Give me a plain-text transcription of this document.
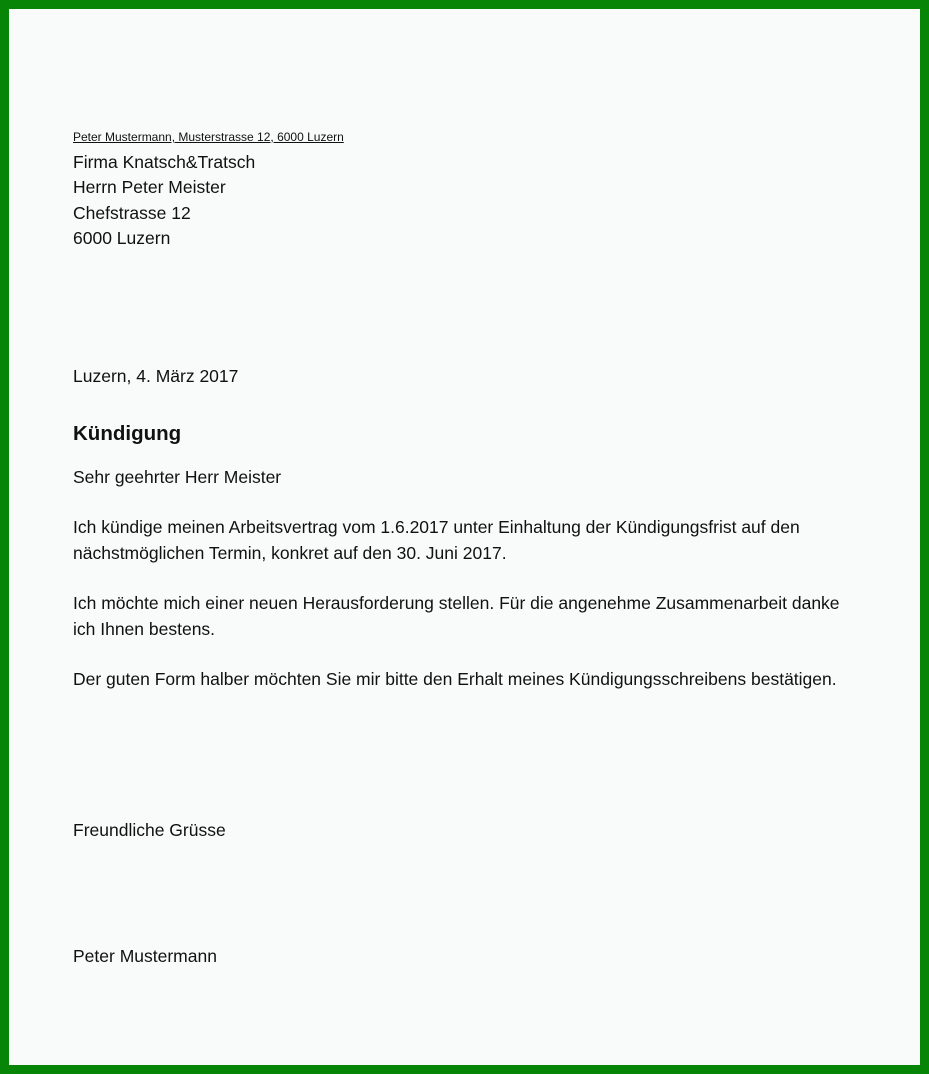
Peter Mustermann, Musterstrasse 12, 6000 Luzern
Firma Knatsch&Tratsch
Herrn Peter Meister
Chefstrasse 12
6000 Luzern
Luzern, 4. März 2017
Kündigung
Sehr geehrter Herr Meister
Ich kündige meinen Arbeitsvertrag vom 1.6.2017 unter Einhaltung der Kündigungsfrist auf den nächstmöglichen Termin, konkret auf den 30. Juni 2017.
Ich möchte mich einer neuen Herausforderung stellen. Für die angenehme Zusammenarbeit danke ich Ihnen bestens.
Der guten Form halber möchten Sie mir bitte den Erhalt meines Kündigungsschreibens bestätigen.
Freundliche Grüsse
Peter Mustermann
